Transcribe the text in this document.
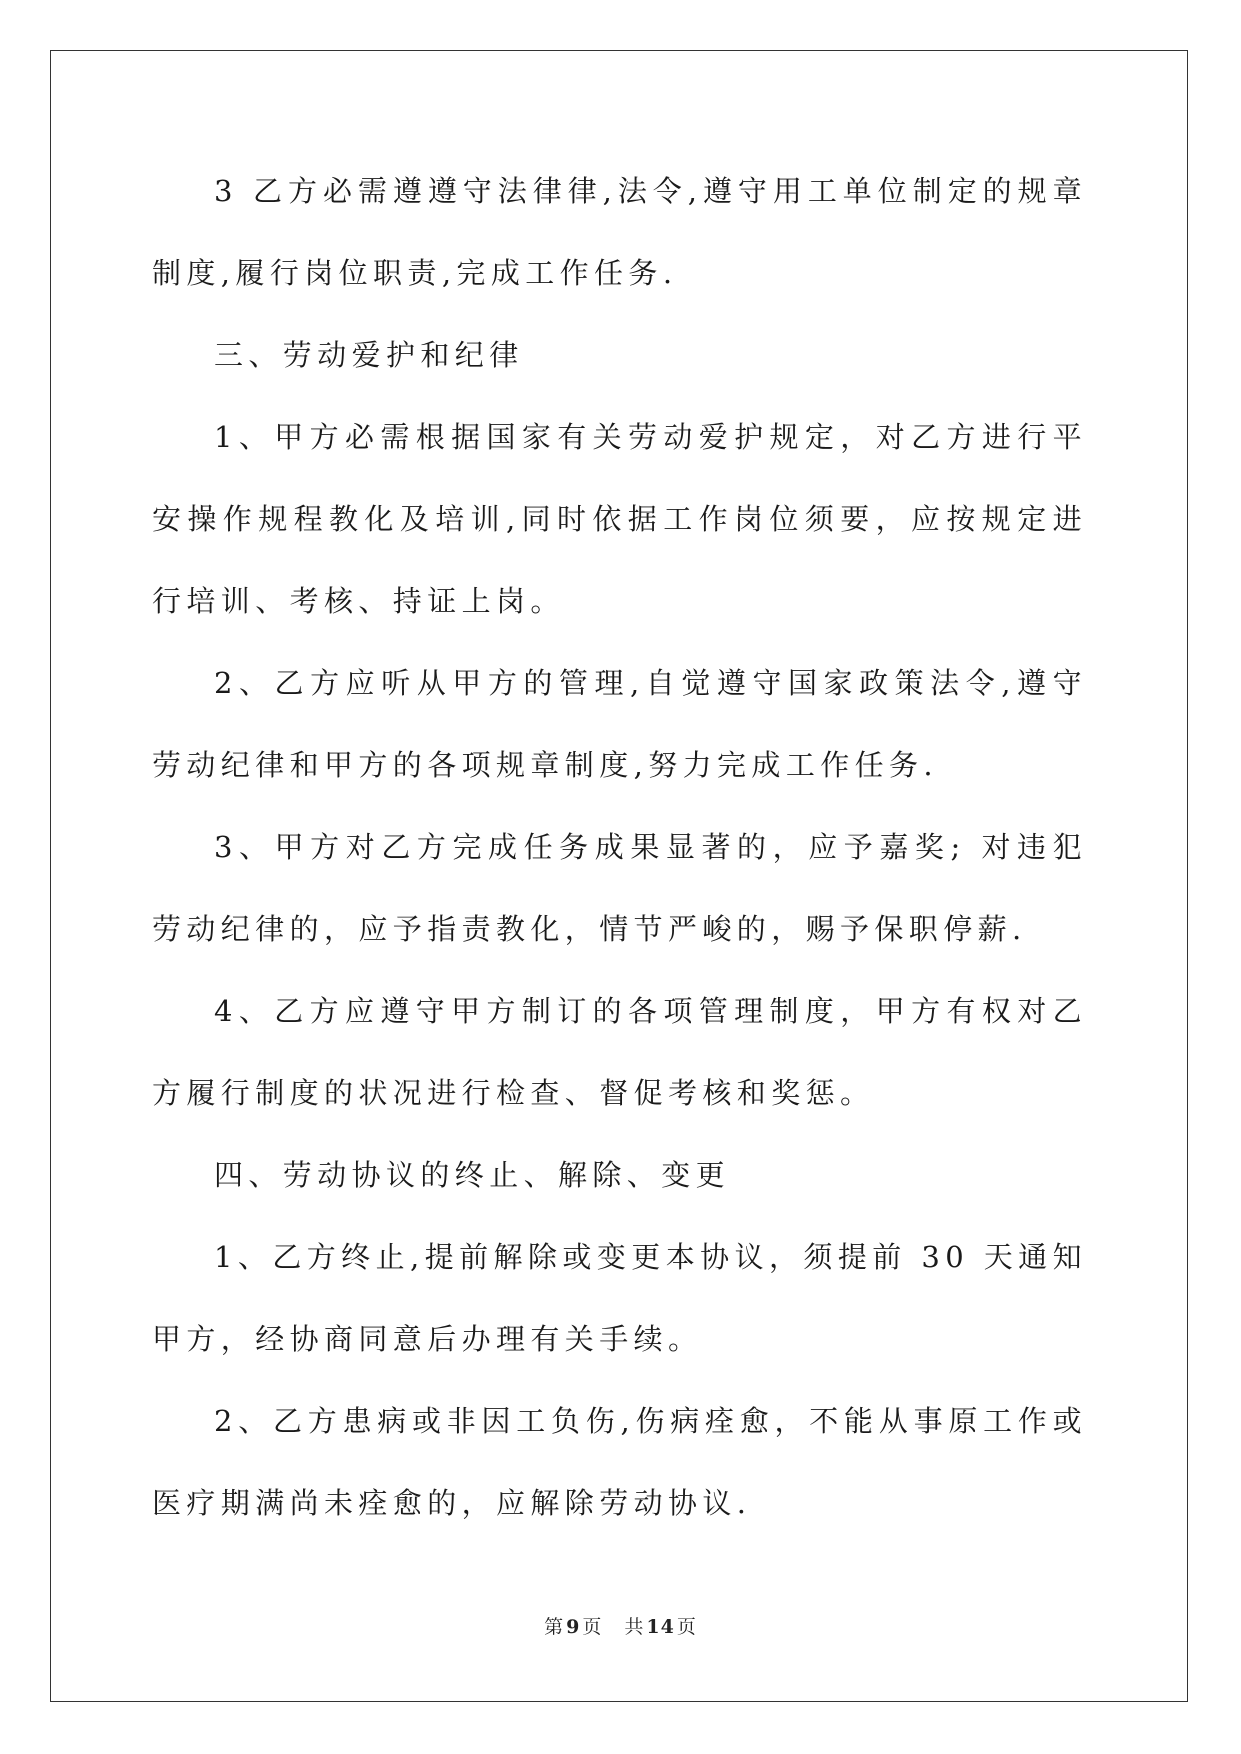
3 乙方必需遵遵守法律律,法令,遵守用工单位制定的规章制度,履行岗位职责,完成工作任务.

三、劳动爱护和纪律

1、甲方必需根据国家有关劳动爱护规定，对乙方进行平安操作规程教化及培训,同时依据工作岗位须要，应按规定进行培训、考核、持证上岗。

2、乙方应听从甲方的管理,自觉遵守国家政策法令,遵守劳动纪律和甲方的各项规章制度,努力完成工作任务.

3、甲方对乙方完成任务成果显著的，应予嘉奖; 对违犯劳动纪律的，应予指责教化，情节严峻的，赐予保职停薪.

4、乙方应遵守甲方制订的各项管理制度，甲方有权对乙方履行制度的状况进行检查、督促考核和奖惩。

四、劳动协议的终止、解除、变更

1、乙方终止,提前解除或变更本协议，须提前 30 天通知甲方，经协商同意后办理有关手续。

2、乙方患病或非因工负伤,伤病痊愈，不能从事原工作或医疗期满尚未痊愈的，应解除劳动协议.

第 9 页 共 14 页
